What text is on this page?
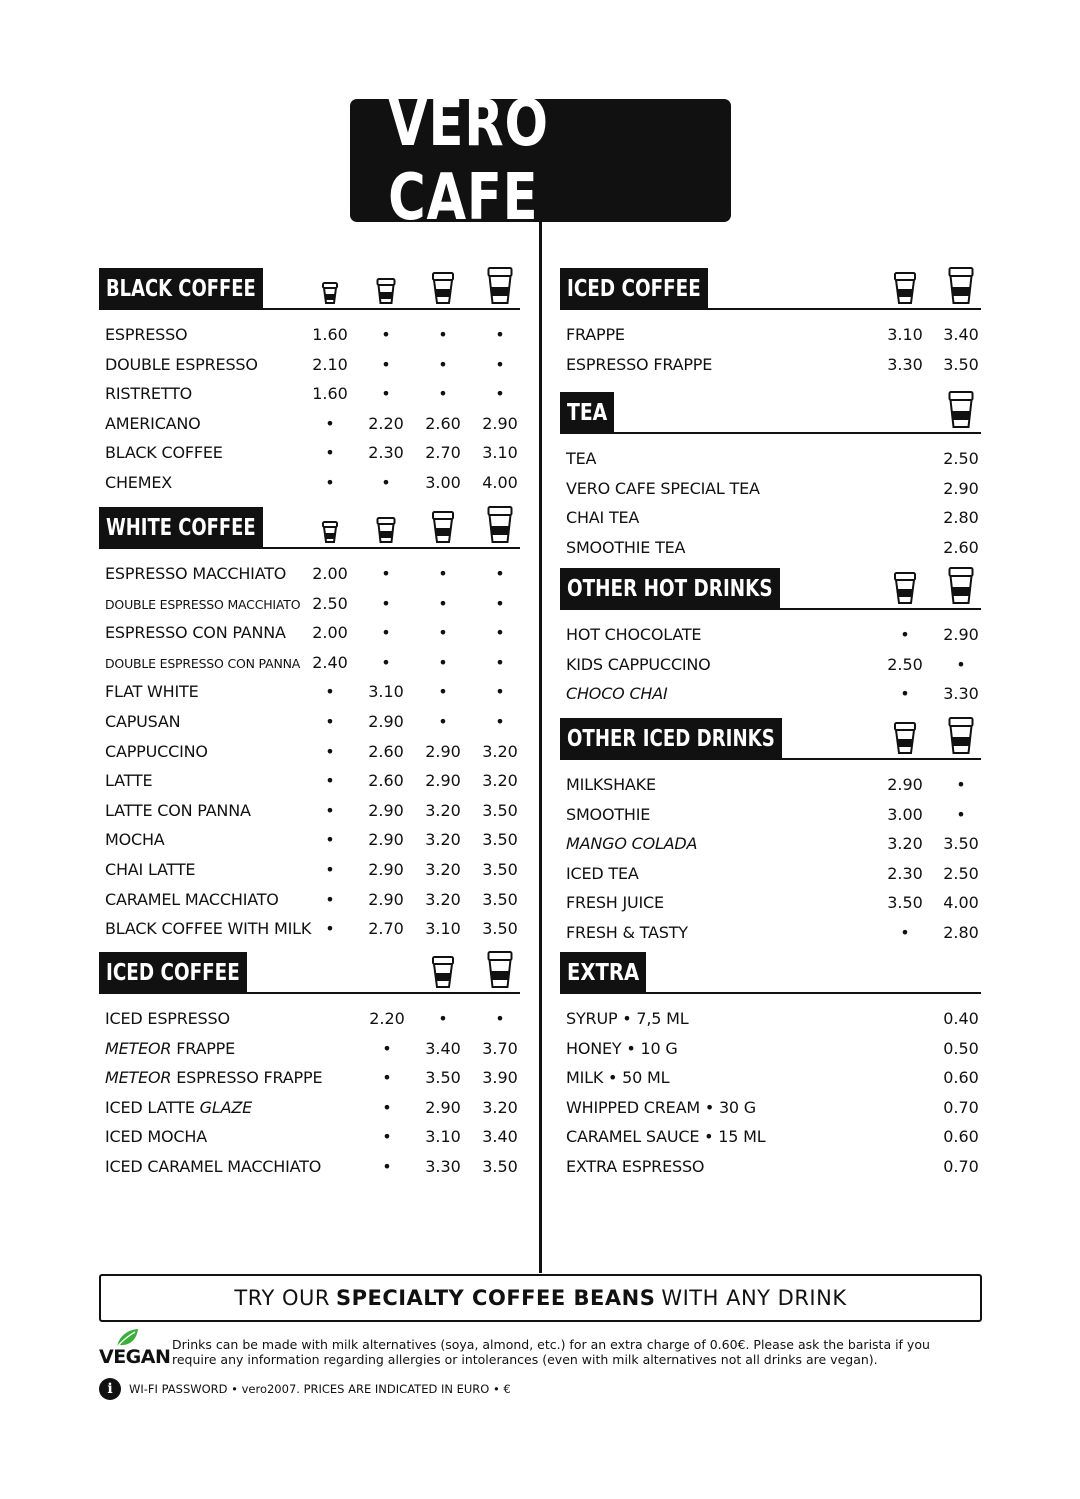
VERO CAFE
BLACK COFFEE
ESPRESSO	1.60 •	•	•
DOUBLE ESPRESSO	2.10 •	•	•
RISTRETTO	1.60 •	•	•
AMERICANO	• 2.20 2.60 2.90
BLACK COFFEE	• 2.30 2.70 3.10
CHEMEX	•	• 3.00 4.00
WHITE COFFEE
ESPRESSO MACCHIATO 2.00 •	•	•
DOUBLE ESPRESSO MACCHIATO 2.50 •	•	•
ESPRESSO CON PANNA 2.00 •	•	•
DOUBLE ESPRESSO CON PANNA 2.40 •	•	•
FLAT WHITE	• 3.10 •	•
CAPUSAN	• 2.90 •	•
CAPPUCCINO	• 2.60 2.90 3.20
LATTE	• 2.60 2.90 3.20
LATTE CON PANNA	• 2.90 3.20 3.50
MOCHA	• 2.90 3.20 3.50
CHAI LATTE	• 2.90 3.20 3.50
CARAMEL MACCHIATO	• 2.90 3.20 3.50
BLACK COFFEE WITH MILK • 2.70 3.10 3.50
ICED COFFEE
ICED ESPRESSO	2.20 •	•
METEOR FRAPPE	• 3.40 3.70
METEOR ESPRESSO FRAPPE	• 3.50 3.90
ICED LATTE GLAZE	• 2.90 3.20
ICED MOCHA	• 3.10 3.40
ICED CARAMEL MACCHIATO	• 3.30 3.50
ICED COFFEE
FRAPPE	3.10 3.40
ESPRESSO FRAPPE	3.30 3.50
TEA
TEA	2.50
VERO CAFE SPECIAL TEA	2.90
CHAI TEA	2.80
SMOOTHIE TEA	2.60
OTHER HOT DRINKS
HOT CHOCOLATE	• 2.90
KIDS CAPPUCCINO	2.50 •
CHOCO CHAI	• 3.30
OTHER ICED DRINKS
MILKSHAKE	2.90 •
SMOOTHIE	3.00 •
MANGO COLADA	3.20 3.50
ICED TEA	2.30 2.50
FRESH JUICE	3.50 4.00
FRESH & TASTY	• 2.80
EXTRA
SYRUP • 7,5 ML	0.40
HONEY • 10 G	0.50
MILK • 50 ML	0.60
WHIPPED CREAM • 30 G	0.70
CARAMEL SAUCE • 15 ML	0.60
EXTRA ESPRESSO	0.70
TRY OUR SPECIALTY COFFEE BEANS WITH ANY DRINK
VEGAN
Drinks can be made with milk alternatives (soya, almond, etc.) for an extra charge of 0.60€. Please ask the barista if you require any information regarding allergies or intolerances (even with milk alternatives not all drinks are vegan).
i	WI-FI PASSWORD • vero2007. PRICES ARE INDICATED IN EURO • €
